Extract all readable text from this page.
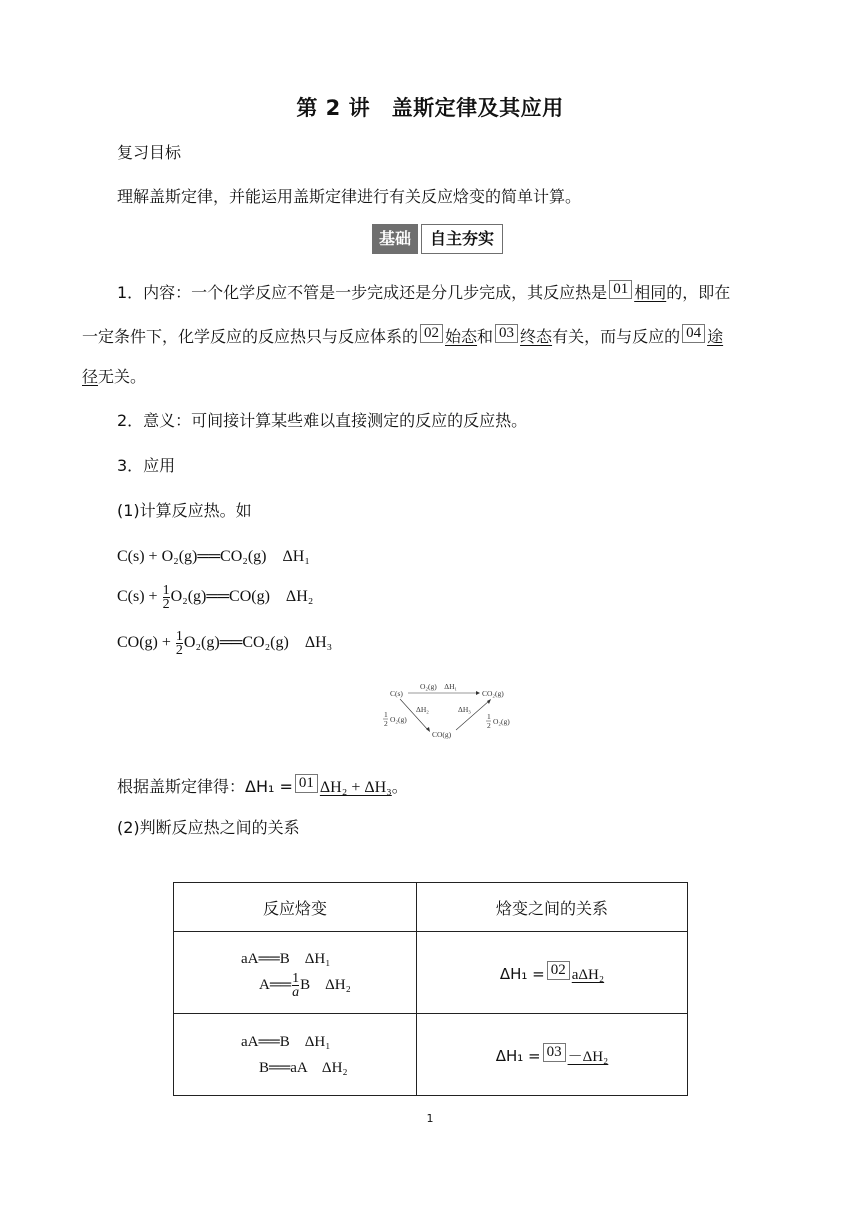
第 2 讲　盖斯定律及其应用
复习目标
理解盖斯定律，并能运用盖斯定律进行有关反应焓变的简单计算。
基础	自主夯实
1．内容：一个化学反应不管是一步完成还是分几步完成，其反应热是 01 相同的，即在
一定条件下，化学反应的反应热只与反应体系的 02 始态和 03 终态有关，而与反应的 04 途
径无关。
2．意义：可间接计算某些难以直接测定的反应的反应热。
3．应用
(1)计算反应热。如
C(s) + O₂(g)══CO₂(g)　ΔH₁
$C(s) + \frac{1}{2}$ O₂(g)══CO(g)　ΔH₂
$CO(g) + \frac{1}{2}$ O₂(g)══CO₂(g)　ΔH₃
C(s)
O₂(g)　ΔH₁
CO₂(g)
ΔH₂
1
2 O₂(g)
CO(g)
ΔH₃
1
2 O₂(g)
根据盖斯定律得：ΔH₁ = 01 ΔH₂ + ΔH₃。
(2)判断反应热之间的关系
反应焓变	焓变之间的关系

aA══B　ΔH₁
A══ $\frac{1}{a}$ B　ΔH₂	ΔH₁ = 02 aΔH₂

aA══B　ΔH₁
B══aA　ΔH₂	ΔH₁ = 03 －ΔH₂
1
